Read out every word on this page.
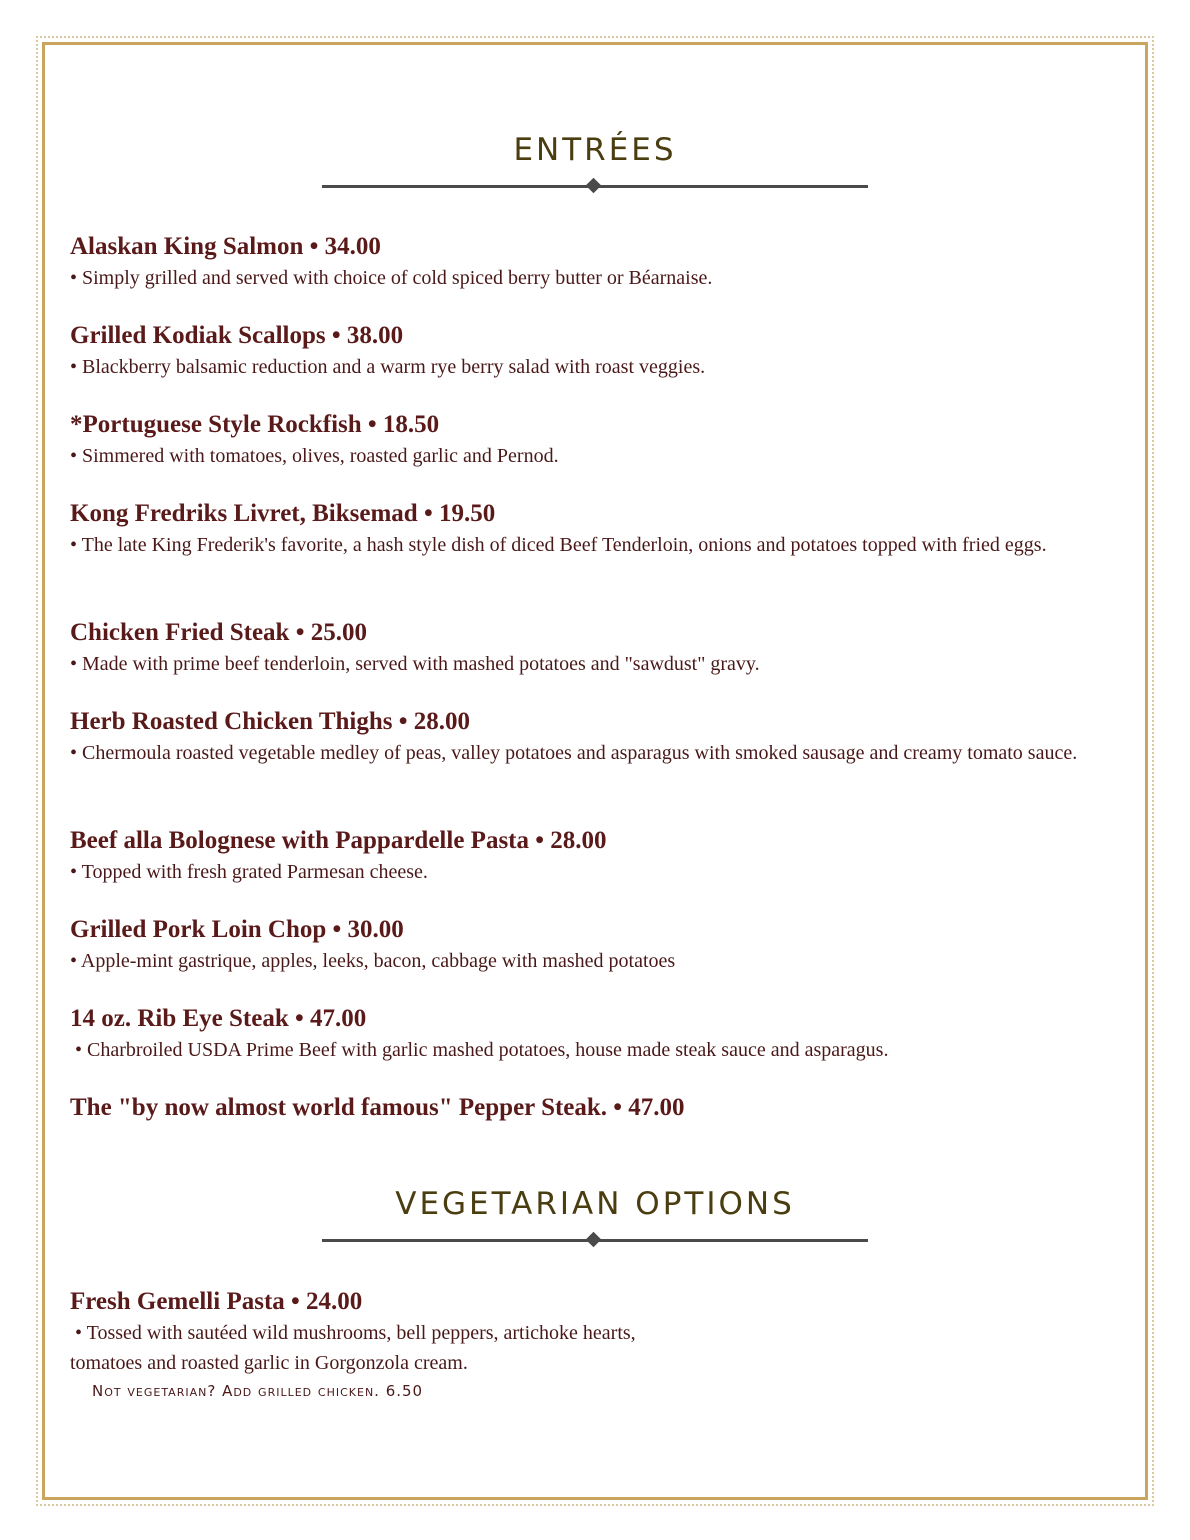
ENTRÉES

Alaskan King Salmon • 34.00

• Simply grilled and served with choice of cold spiced berry butter or Béarnaise.

Grilled Kodiak Scallops • 38.00

• Blackberry balsamic reduction and a warm rye berry salad with roast veggies.

*Portuguese Style Rockfish • 18.50

• Simmered with tomatoes, olives, roasted garlic and Pernod.

Kong Fredriks Livret, Biksemad • 19.50

• The late King Frederik's favorite, a hash style dish of diced Beef Tenderloin, onions and potatoes topped with fried eggs.

Chicken Fried Steak • 25.00

• Made with prime beef tenderloin, served with mashed potatoes and "sawdust" gravy.

Herb Roasted Chicken Thighs • 28.00

• Chermoula roasted vegetable medley of peas, valley potatoes and asparagus with smoked sausage and creamy tomato sauce.

Beef alla Bolognese with Pappardelle Pasta • 28.00

• Topped with fresh grated Parmesan cheese.

Grilled Pork Loin Chop • 30.00

• Apple-mint gastrique, apples, leeks, bacon, cabbage with mashed potatoes

14 oz. Rib Eye Steak • 47.00

• Charbroiled USDA Prime Beef with garlic mashed potatoes, house made steak sauce and asparagus.

The "by now almost world famous" Pepper Steak. • 47.00

VEGETARIAN OPTIONS

Fresh Gemelli Pasta • 24.00

• Tossed with sautéed wild mushrooms, bell peppers, artichoke hearts,

tomatoes and roasted garlic in Gorgonzola cream.

Not vegetarian? Add grilled chicken. 6.50
